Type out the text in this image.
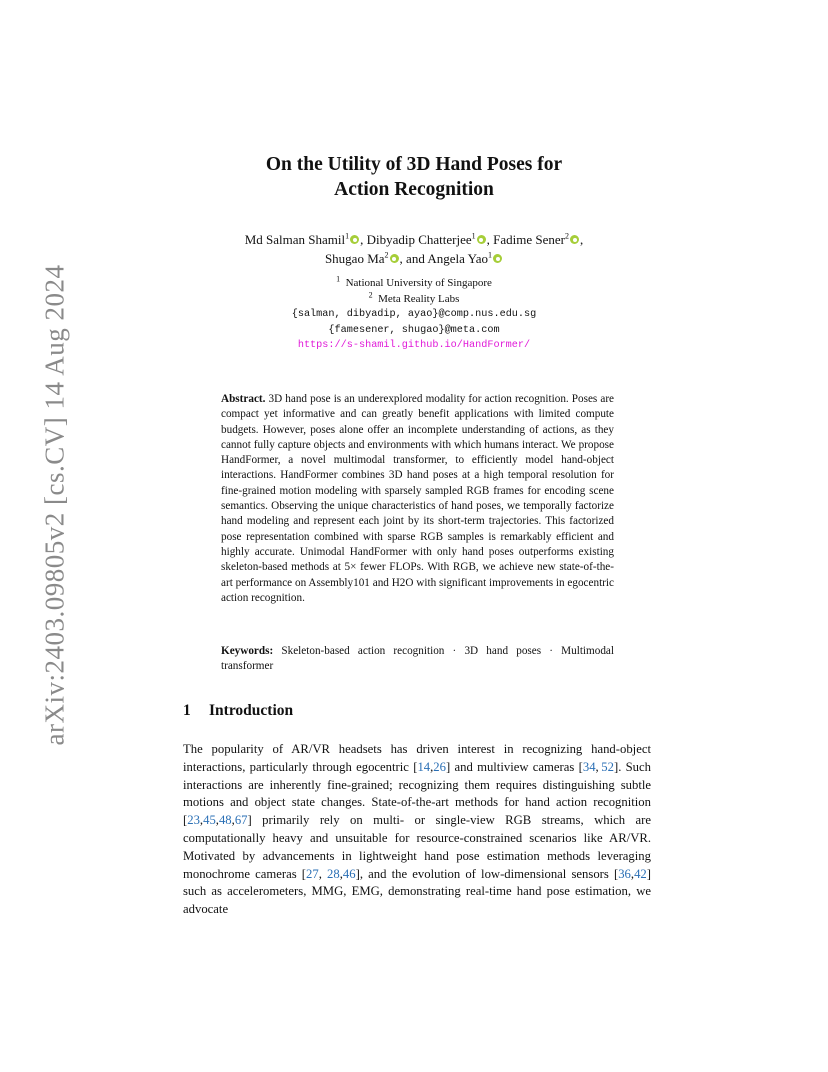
arXiv:2403.09805v2 [cs.CV] 14 Aug 2024
On the Utility of 3D Hand Poses for
Action Recognition
Md Salman Shamil$^1$ , Dibyadip Chatterjee$^1$ , Fadime Sener$^2$ ,
Shugao Ma$^2$ , and Angela Yao$^1$
$^1$ National University of Singapore
$^2$ Meta Reality Labs
{salman, dibyadip, ayao}@comp.nus.edu.sg
{famesener, shugao}@meta.com
https://s-shamil.github.io/HandFormer/
Abstract. 3D hand pose is an underexplored modality for action recognition. Poses are compact yet informative and can greatly benefit applications with limited compute budgets. However, poses alone offer an incomplete understanding of actions, as they cannot fully capture objects and environments with which humans interact. We propose HandFormer, a novel multimodal transformer, to efficiently model hand-object interactions. HandFormer combines 3D hand poses at a high temporal resolution for fine-grained motion modeling with sparsely sampled RGB frames for encoding scene semantics. Observing the unique characteristics of hand poses, we temporally factorize hand modeling and represent each joint by its short-term trajectories. This factorized pose representation combined with sparse RGB samples is remarkably efficient and highly accurate. Unimodal HandFormer with only hand poses outperforms existing skeleton-based methods at 5× fewer FLOPs. With RGB, we achieve new state-of-the-art performance on Assembly101 and H2O with significant improvements in egocentric action recognition.
Keywords: Skeleton-based action recognition · 3D hand poses · Multimodal transformer
1 Introduction
The popularity of AR/VR headsets has driven interest in recognizing hand-object interactions, particularly through egocentric [14,26] and multiview cameras [34, 52]. Such interactions are inherently fine-grained; recognizing them requires distinguishing subtle motions and object state changes. State-of-the-art methods for hand action recognition [23,45,48,67] primarily rely on multi- or single-view RGB streams, which are computationally heavy and unsuitable for resource-constrained scenarios like AR/VR. Motivated by advancements in lightweight hand pose estimation methods leveraging monochrome cameras [27, 28,46], and the evolution of low-dimensional sensors [36,42] such as accelerometers, MMG, EMG, demonstrating real-time hand pose estimation, we advocate
